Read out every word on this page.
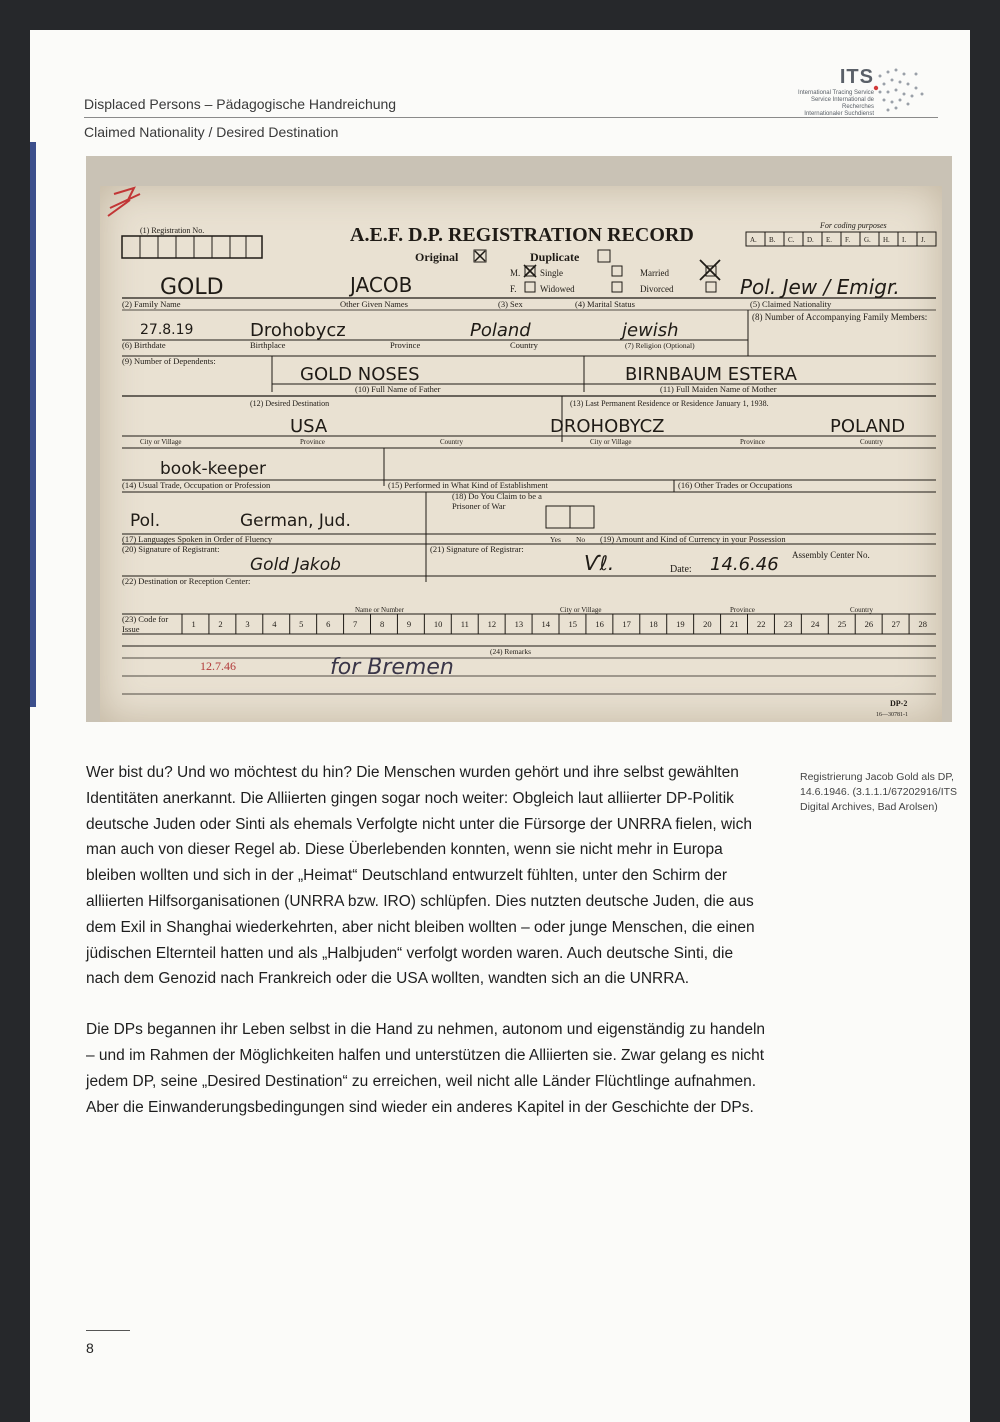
ITS
International Tracing Service
Service International de Recherches
Internationaler Suchdienst
Displaced Persons – Pädagogische Handreichung
Claimed Nationality / Desired Destination
(1) Registration No.	A.E.F. D.P. REGISTRATION RECORD
Original	Duplicate
For coding purposes
A. B. C. D. E. F. G. H. I. J.
M.
F.
Single
Widowed
Married
Divorced
GOLD	JACOB	Pol. Jew / Emigr.
(2) Family Name	Other Given Names	(3) Sex	(4) Marital Status	(5) Claimed Nationality
27.8.19	Drohobycz	Poland	jewish
(6) Birthdate	Birthplace	Province	Country	(7) Religion (Optional)
(8) Number of Accompanying Family Members:
(9) Number of Dependents:
GOLD NOSES	BIRNBAUM ESTERA
(10) Full Name of Father	(11) Full Maiden Name of Mother
(12) Desired Destination	(13) Last Permanent Residence or Residence January 1, 1938.
USA	DROHOBYCZ	POLAND
City or Village	Province	Country	City or Village	Province	Country
book-keeper
(14) Usual Trade, Occupation or Profession	(15) Performed in What Kind of Establishment	(16) Other Trades or Occupations
(18) Do You Claim to be a Prisoner of War
Pol.	German, Jud.
(17) Languages Spoken in Order of Fluency	Yes No (19) Amount and Kind of Currency in your Possession
(20) Signature of Registrant:	(21) Signature of Registrar:
Gold Jakob	Ѵℓ.	Date: 14.6.46 Assembly Center No.
(22) Destination or Reception Center:
Name or Number	City or Village	Province	Country
(23) Code for Issue	1	2	3	4	5	6	7	8	9	10 11 12 13 14 15 16 17 18 19 20 21 22 23 24 25 26 27 28
(24) Remarks
12.7.46	for Bremen
DP-2
16—30781-1

Wer bist du? Und wo möchtest du hin? Die Menschen wurden gehört und ihre selbst gewählten Identitäten anerkannt. Die Alliierten gingen sogar noch weiter: Obgleich laut alliierter DP-Politik deutsche Juden oder Sinti als ehemals Verfolgte nicht unter die Fürsorge der UNRRA fielen, wich man auch von dieser Regel ab. Diese Überlebenden konnten, wenn sie nicht mehr in Europa bleiben wollten und sich in der „Heimat“ Deutschland entwurzelt fühlten, unter den Schirm der alliierten Hilfsorganisationen (UNRRA bzw. IRO) schlüpfen. Dies nutzten deutsche Juden, die aus dem Exil in Shanghai wiederkehrten, aber nicht bleiben wollten – oder junge Menschen, die einen jüdischen Elternteil hatten und als „Halbjuden“ verfolgt worden waren. Auch deutsche Sinti, die nach dem Genozid nach Frankreich oder die USA wollten, wandten sich an die UNRRA.

Die DPs begannen ihr Leben selbst in die Hand zu nehmen, autonom und eigenständig zu handeln – und im Rahmen der Möglichkeiten halfen und unterstützen die Alliierten sie. Zwar gelang es nicht jedem DP, seine „Desired Destination“ zu erreichen, weil nicht alle Länder Flüchtlinge aufnahmen. Aber die Einwanderungsbedingungen sind wieder ein anderes Kapitel in der Geschichte der DPs.

Registrierung Jacob Gold als DP, 14.6.1946. (3.1.1.1/67202916/ITS Digital Archives, Bad Arolsen)
8
